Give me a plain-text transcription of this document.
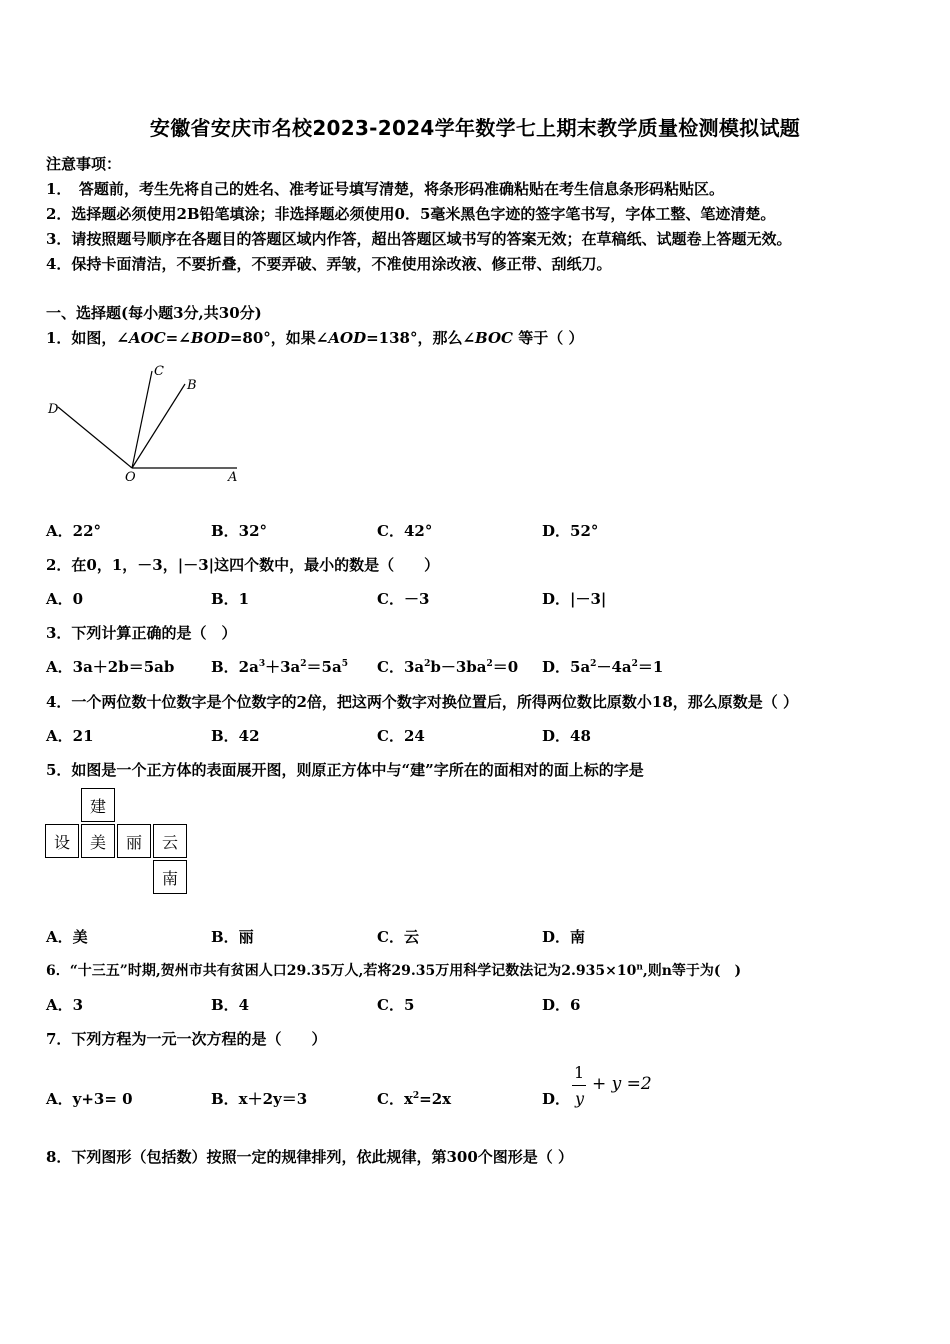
安徽省安庆市名校2023-2024学年数学七上期末教学质量检测模拟试题
注意事项：
1．　答题前，考生先将自己的姓名、准考证号填写清楚，将条形码准确粘贴在考生信息条形码粘贴区。
2．选择题必须使用2B铅笔填涂；非选择题必须使用0．5毫米黑色字迹的签字笔书写，字体工整、笔迹清楚。
3．请按照题号顺序在各题目的答题区域内作答，超出答题区域书写的答案无效；在草稿纸、试题卷上答题无效。
4．保持卡面清洁，不要折叠，不要弄破、弄皱，不准使用涂改液、修正带、刮纸刀。
一、选择题(每小题3分,共30分)
1．如图，∠AOC=∠BOD=80°，如果∠AOD=138°，那么∠BOC 等于（ ）
C
B
D
O	A
A．22°	B．32°	C．42°	D．52°
2．在0，1，－3，|－3|这四个数中，最小的数是（　　）
A．0	B．1	C．－3	D．|－3|
3．下列计算正确的是（　）
A．3a＋2b＝5ab B．$2a^3+3a^2=5a^5$ C．$3a^2b-3ba^2=0$ D．$5a^2-4a^2=1$
4．一个两位数十位数字是个位数字的2倍，把这两个数字对换位置后，所得两位数比原数小18，那么原数是（ ）
A．21	B．42	C．24	D．48
5．如图是一个正方体的表面展开图，则原正方体中与“建”字所在的面相对的面上标的字是
建
设	美	丽	云
南
A．美	B．丽	C．云	D．南
6．“十三五”时期,贺州市共有贫困人口29.35万人,若将29.35万用科学记数法记为$2.935\times 10^n$,则n等于为(　)
A．3	B．4	C．5	D．6
7．下列方程为一元一次方程的是（　　）
A．y+3= 0	B．x＋2y＝3	C．$x^2=2x$	D．
1
y
+ y =2
8．下列图形（包括数）按照一定的规律排列，依此规律，第300个图形是（ ）
